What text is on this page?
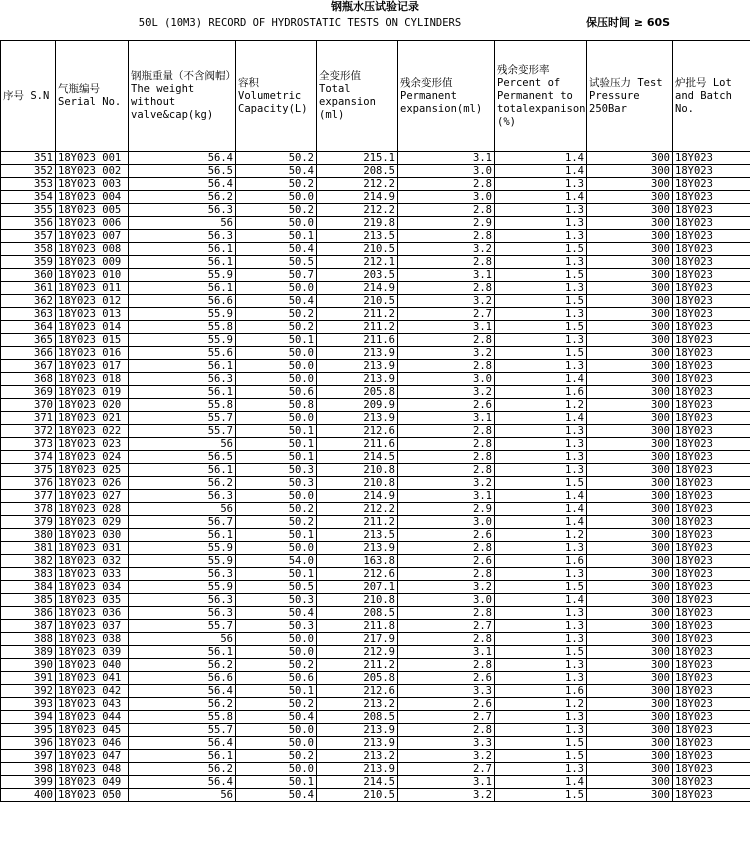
钢瓶水压试验记录
50L (10M3) RECORD OF HYDROSTATIC TESTS ON CYLINDERS	保压时间 ≥ 60S
序号 S.N	气瓶编号 Serial No.	钢瓶重量（不含阀帽）The weight without valve&cap(kg)	容积 Volumetric Capacity(L)	全变形值 Total expansion (ml)	残余变形值 Permanent expansion(ml)	残余变形率 Percent of Permanent to totalexpanison (%)	试验压力 Test Pressure 250Bar	炉批号 Lot and Batch No.
351	18Y023 001	56.4	50.2	215.1	3.1	1.4	300	18Y023
352	18Y023 002	56.5	50.4	208.5	3.0	1.4	300	18Y023
353	18Y023 003	56.4	50.2	212.2	2.8	1.3	300	18Y023
354	18Y023 004	56.2	50.0	214.9	3.0	1.4	300	18Y023
355	18Y023 005	56.3	50.2	212.2	2.8	1.3	300	18Y023
356	18Y023 006	56	50.0	219.8	2.9	1.3	300	18Y023
357	18Y023 007	56.3	50.1	213.5	2.8	1.3	300	18Y023
358	18Y023 008	56.1	50.4	210.5	3.2	1.5	300	18Y023
359	18Y023 009	56.1	50.5	212.1	2.8	1.3	300	18Y023
360	18Y023 010	55.9	50.7	203.5	3.1	1.5	300	18Y023
361	18Y023 011	56.1	50.0	214.9	2.8	1.3	300	18Y023
362	18Y023 012	56.6	50.4	210.5	3.2	1.5	300	18Y023
363	18Y023 013	55.9	50.2	211.2	2.7	1.3	300	18Y023
364	18Y023 014	55.8	50.2	211.2	3.1	1.5	300	18Y023
365	18Y023 015	55.9	50.1	211.6	2.8	1.3	300	18Y023
366	18Y023 016	55.6	50.0	213.9	3.2	1.5	300	18Y023
367	18Y023 017	56.1	50.0	213.9	2.8	1.3	300	18Y023
368	18Y023 018	56.3	50.0	213.9	3.0	1.4	300	18Y023
369	18Y023 019	56.1	50.6	205.8	3.2	1.6	300	18Y023
370	18Y023 020	55.8	50.8	209.9	2.6	1.2	300	18Y023
371	18Y023 021	55.7	50.0	213.9	3.1	1.4	300	18Y023
372	18Y023 022	55.7	50.1	212.6	2.8	1.3	300	18Y023
373	18Y023 023	56	50.1	211.6	2.8	1.3	300	18Y023
374	18Y023 024	56.5	50.1	214.5	2.8	1.3	300	18Y023
375	18Y023 025	56.1	50.3	210.8	2.8	1.3	300	18Y023
376	18Y023 026	56.2	50.3	210.8	3.2	1.5	300	18Y023
377	18Y023 027	56.3	50.0	214.9	3.1	1.4	300	18Y023
378	18Y023 028	56	50.2	212.2	2.9	1.4	300	18Y023
379	18Y023 029	56.7	50.2	211.2	3.0	1.4	300	18Y023
380	18Y023 030	56.1	50.1	213.5	2.6	1.2	300	18Y023
381	18Y023 031	55.9	50.0	213.9	2.8	1.3	300	18Y023
382	18Y023 032	55.9	54.0	163.8	2.6	1.6	300	18Y023
383	18Y023 033	56.3	50.1	212.6	2.8	1.3	300	18Y023
384	18Y023 034	55.9	50.5	207.1	3.2	1.5	300	18Y023
385	18Y023 035	56.3	50.3	210.8	3.0	1.4	300	18Y023
386	18Y023 036	56.3	50.4	208.5	2.8	1.3	300	18Y023
387	18Y023 037	55.7	50.3	211.8	2.7	1.3	300	18Y023
388	18Y023 038	56	50.0	217.9	2.8	1.3	300	18Y023
389	18Y023 039	56.1	50.0	212.9	3.1	1.5	300	18Y023
390	18Y023 040	56.2	50.2	211.2	2.8	1.3	300	18Y023
391	18Y023 041	56.6	50.6	205.8	2.6	1.3	300	18Y023
392	18Y023 042	56.4	50.1	212.6	3.3	1.6	300	18Y023
393	18Y023 043	56.2	50.2	213.2	2.6	1.2	300	18Y023
394	18Y023 044	55.8	50.4	208.5	2.7	1.3	300	18Y023
395	18Y023 045	55.7	50.0	213.9	2.8	1.3	300	18Y023
396	18Y023 046	56.4	50.0	213.9	3.3	1.5	300	18Y023
397	18Y023 047	56.1	50.2	213.2	3.2	1.5	300	18Y023
398	18Y023 048	56.2	50.0	213.9	2.7	1.3	300	18Y023
399	18Y023 049	56.4	50.1	214.5	3.1	1.4	300	18Y023
400	18Y023 050	56	50.4	210.5	3.2	1.5	300	18Y023
